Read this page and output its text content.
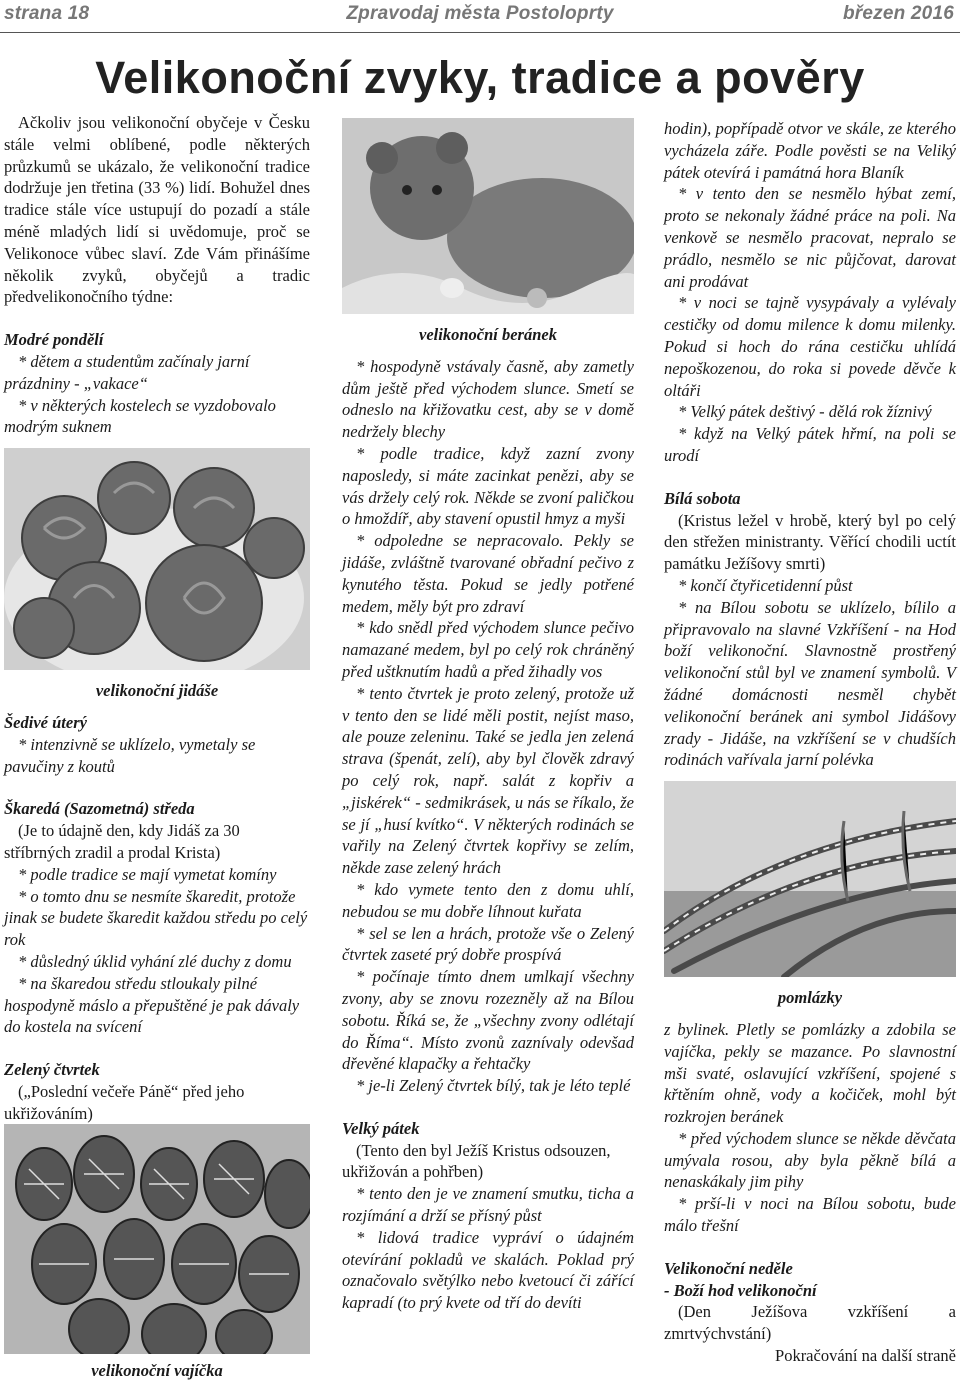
strana 18	Zpravodaj města Postoloprty	březen 2016
Velikonoční zvyky, tradice a pověry

Ačkoliv jsou velikonoční obyčeje v Česku stále velmi oblíbené, podle některých průzkumů se ukázalo, že velikonoční tradice dodržuje jen třetina (33 %) lidí. Bohužel dnes tradice stále více ustupují do pozadí a stále méně mladých lidí si uvědomuje, proč se Velikonoce vůbec slaví. Zde Vám přinášíme několik zvyků, obyčejů a tradic předvelikonočního týdne:

Modré pondělí

* dětem a studentům začínaly jarní prázdniny - „vakace“

* v některých kostelech se vyzdobovalo modrým suknem

velikonoční jidáše

Šedivé úterý

* intenzivně se uklízelo, vymetaly se pavučiny z koutů

Škaredá (Sazometná) středa

(Je to údajně den, kdy Jidáš za 30 stříbrných zradil a prodal Krista)

* podle tradice se mají vymetat komíny

* o tomto dnu se nesmíte škaredit, protože jinak se budete škaredit každou středu po celý rok

* důsledný úklid vyhání zlé duchy z domu

* na škaredou středu stloukaly pilné hospodyně máslo a přepuštěné je pak dávaly do kostela na svícení

Zelený čtvrtek

(„Poslední večeře Páně“ před jeho ukřižováním)

velikonoční vajíčka

velikonoční beránek

* hospodyně vstávaly časně, aby zametly dům ještě před východem slunce. Smetí se odneslo na křižovatku cest, aby se v domě nedržely blechy

* podle tradice, když zazní zvony naposledy, si máte zacinkat penězi, aby se vás držely celý rok. Někde se zvoní paličkou o hmoždíř, aby stavení opustil hmyz a myši

* odpoledne se nepracovalo. Pekly se jidáše, zvláštně tvarované obřadní pečivo z kynutého těsta. Pokud se jedly potřené medem, měly být pro zdraví

* kdo snědl před východem slunce pečivo namazané medem, byl po celý rok chráněný před uštknutím hadů a před žihadly vos

* tento čtvrtek je proto zelený, protože už v tento den se lidé měli postit, nejíst maso, ale pouze zeleninu. Také se jedla jen zelená strava (špenát, zelí), aby byl člověk zdravý po celý rok, např. salát z kopřiv a „jiskérek“ - sedmikrásek, u nás se říkalo, že se jí „husí kvítko“. V některých rodinách se vařily na Zelený čtvrtek kopřivy se zelím, někde zase zelený hrách

* kdo vymete tento den z domu uhlí, nebudou se mu dobře líhnout kuřata

* sel se len a hrách, protože vše o Zelený čtvrtek zaseté prý dobře prospívá

* počínaje tímto dnem umlkají všechny zvony, aby se znovu rozezněly až na Bílou sobotu. Říká se, že „všechny zvony odlétají do Říma“. Místo zvonů zaznívaly odevšad dřevěné klapačky a řehtačky

* je-li Zelený čtvrtek bílý, tak je léto teplé

Velký pátek

(Tento den byl Ježíš Kristus odsouzen, ukřižován a pohřben)

* tento den je ve znamení smutku, ticha a rozjímání a drží se přísný půst

* lidová tradice vypráví o údajném otevírání pokladů ve skalách. Poklad prý označovalo světýlko nebo kvetoucí či zářící kapradí (to prý kvete od tří do devíti

hodin), popřípadě otvor ve skále, ze kterého vycházela záře. Podle pověsti se na Veliký pátek otevírá i památná hora Blaník

* v tento den se nesmělo hýbat zemí, proto se nekonaly žádné práce na poli. Na venkově se nesmělo pracovat, nepralo se prádlo, nesmělo se nic půjčovat, darovat ani prodávat

* v noci se tajně vysypávaly a vylévaly cestičky od domu milence k domu milenky. Pokud si hoch do rána cestičku uhlídá nepoškozenou, do roka si povede děvče k oltáři

* Velký pátek deštivý - dělá rok žíznivý

* když na Velký pátek hřmí, na poli se urodí

Bílá sobota

(Kristus ležel v hrobě, který byl po celý den střežen ministranty. Věřící chodili uctít památku Ježíšovy smrti)

* končí čtyřicetidenní půst

* na Bílou sobotu se uklízelo, bílilo a připravovalo na slavné Vzkříšení - na Hod boží velikonoční. Slavnostně prostřený velikonoční stůl byl ve znamení symbolů. V žádné domácnosti nesměl chybět velikonoční beránek ani symbol Jidášovy zrady - Jidáše, na vzkříšení se v chudších rodinách vařívala jarní polévka

pomlázky

z bylinek. Pletly se pomlázky a zdobila se vajíčka, pekly se mazance. Po slavnostní mši svaté, oslavující vzkříšení, spojené s křtěním ohně, vody a kočiček, mohl být rozkrojen beránek

* před východem slunce se někde děvčata umývala rosou, aby byla pěkně bílá a nenaskákaly jim pihy

* prší-li v noci na Bílou sobotu, bude málo třešní

Velikonoční neděle

- Boží hod velikonoční

(Den Ježíšova vzkříšení a zmrtvýchvstání)

Pokračování na další straně
